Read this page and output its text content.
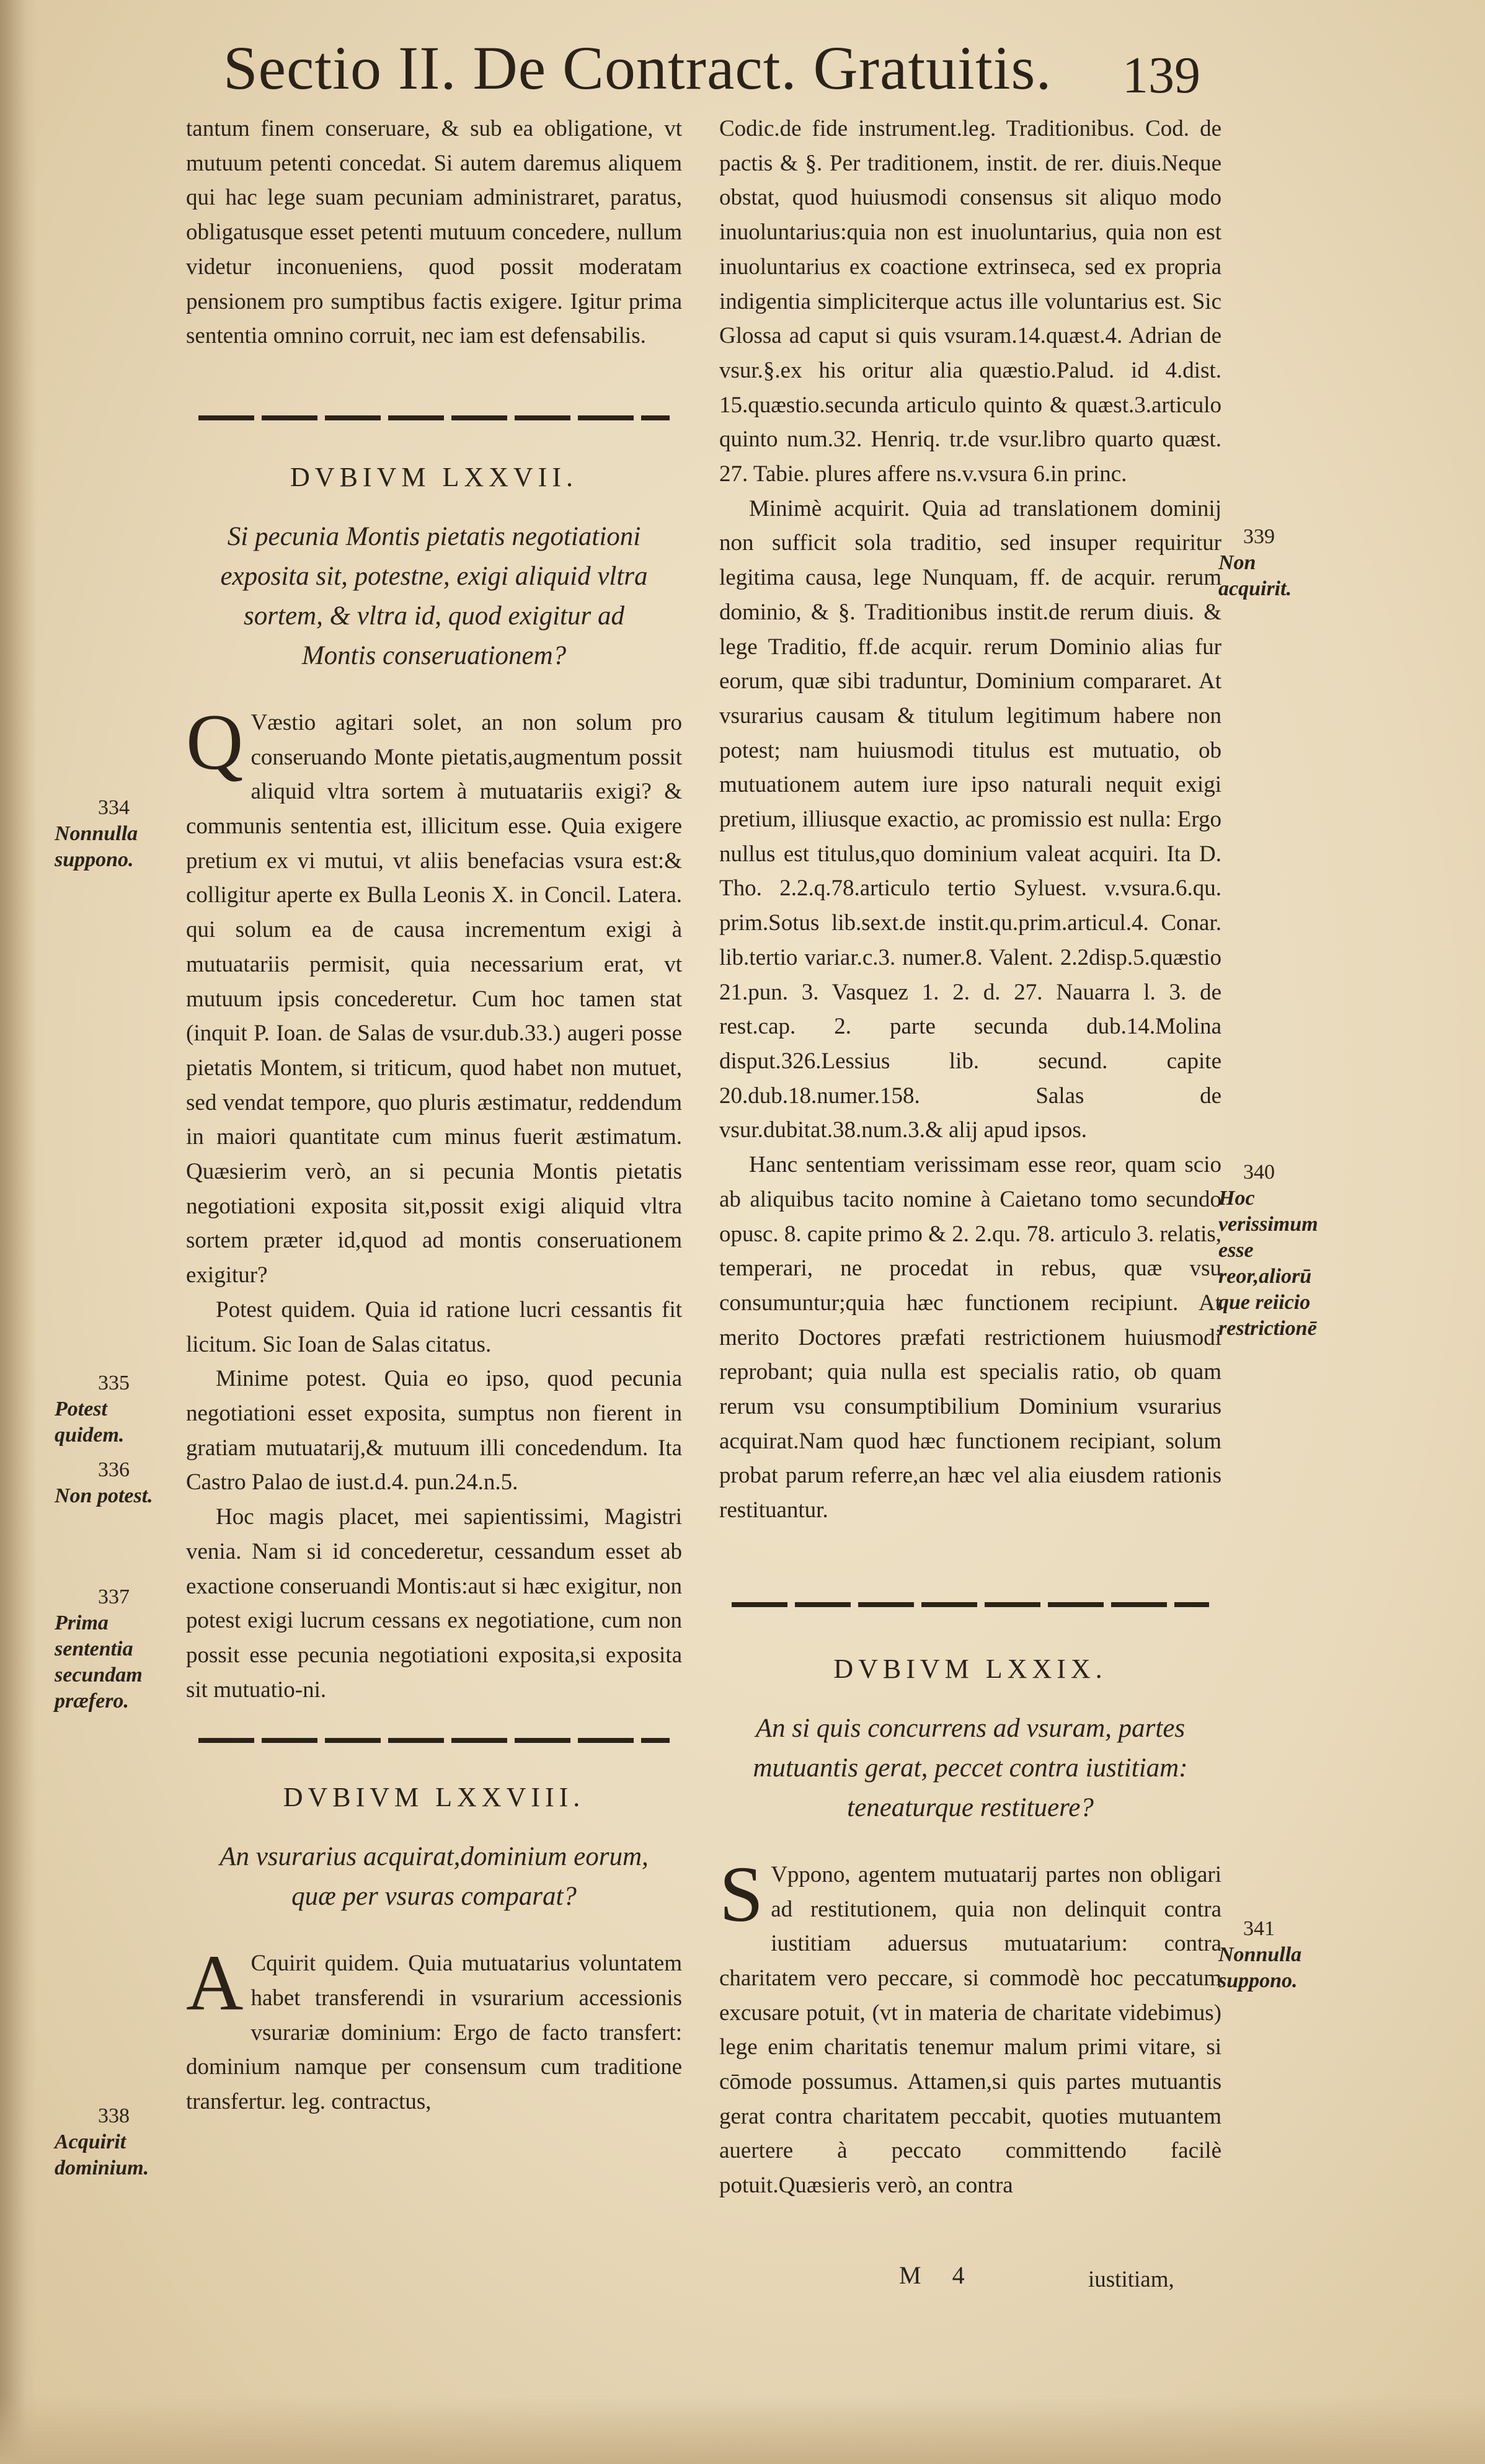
Sectio II. De Contract. Gratuitis.	139

tantum finem conseruare, & sub ea obligatione, vt mutuum petenti concedat. Si autem daremus aliquem qui hac lege suam pecuniam administraret, paratus, obligatusque esset petenti mutuum concedere, nullum videtur inconueniens, quod possit moderatam pensionem pro sumptibus factis exigere. Igitur prima sententia omnino corruit, nec iam est defensabilis.

DVBIVM LXXVII.
Si pecunia Montis pietatis negotiationi exposita sit, potestne, exigi aliquid vltra sortem, & vltra id, quod exigitur ad Montis conseruationem?

Q Væstio agitari solet, an non solum pro conseruando Monte pietatis,augmentum possit aliquid vltra sortem à mutuatariis exigi? & communis sententia est, illicitum esse. Quia exigere pretium ex vi mutui, vt aliis benefacias vsura est:& colligitur aperte ex Bulla Leonis X. in Concil. Latera. qui solum ea de causa incrementum exigi à mutuatariis permisit, quia necessarium erat, vt mutuum ipsis concederetur. Cum hoc tamen stat (inquit P. Ioan. de Salas de vsur.dub.33.) augeri posse pietatis Montem, si triticum, quod habet non mutuet, sed vendat tempore, quo pluris æstimatur, reddendum in maiori quantitate cum minus fuerit æstimatum. Quæsierim verò, an si pecunia Montis pietatis negotiationi exposita sit,possit exigi aliquid vltra sortem præter id,quod ad montis conseruationem exigitur?

Potest quidem. Quia id ratione lucri cessantis fit licitum. Sic Ioan de Salas citatus.

Minime potest. Quia eo ipso, quod pecunia negotiationi esset exposita, sumptus non fierent in gratiam mutuatarij,& mutuum illi concedendum. Ita Castro Palao de iust.d.4. pun.24.n.5.

Hoc magis placet, mei sapientissimi, Magistri venia. Nam si id concederetur, cessandum esset ab exactione conseruandi Montis:aut si hæc exigitur, non potest exigi lucrum cessans ex negotiatione, cum non possit esse pecunia negotiationi exposita,si exposita sit mutuatio-ni.

DVBIVM LXXVIII.
An vsurarius acquirat,dominium eorum, quæ per vsuras comparat?

A Cquirit quidem. Quia mutuatarius voluntatem habet transferendi in vsurarium accessionis vsurariæ dominium: Ergo de facto transfert: dominium namque per consensum cum traditione transfertur. leg. contractus,

Codic.de fide instrument.leg. Traditionibus. Cod. de pactis & §. Per traditionem, instit. de rer. diuis.Neque obstat, quod huiusmodi consensus sit aliquo modo inuoluntarius:quia non est inuoluntarius, quia non est inuoluntarius ex coactione extrinseca, sed ex propria indigentia simpliciterque actus ille voluntarius est. Sic Glossa ad caput si quis vsuram.14.quæst.4. Adrian de vsur.§.ex his oritur alia quæstio.Palud. id 4.dist. 15.quæstio.secunda articulo quinto & quæst.3.articulo quinto num.32. Henriq. tr.de vsur.libro quarto quæst. 27. Tabie. plures affere ns.v.vsura 6.in princ.

Minimè acquirit. Quia ad translationem dominij non sufficit sola traditio, sed insuper requiritur legitima causa, lege Nunquam, ff. de acquir. rerum dominio, & §. Traditionibus instit.de rerum diuis. & lege Traditio, ff.de acquir. rerum Dominio alias fur eorum, quæ sibi traduntur, Dominium compararet. At vsurarius causam & titulum legitimum habere non potest; nam huiusmodi titulus est mutuatio, ob mutuationem autem iure ipso naturali nequit exigi pretium, illiusque exactio, ac promissio est nulla: Ergo nullus est titulus,quo dominium valeat acquiri. Ita D. Tho. 2.2.q.78.articulo tertio Syluest. v.vsura.6.qu. prim.Sotus lib.sext.de instit.qu.prim.articul.4. Conar. lib.tertio variar.c.3. numer.8. Valent. 2.2disp.5.quæstio 21.pun. 3. Vasquez 1. 2. d. 27. Nauarra l. 3. de rest.cap. 2. parte secunda dub.14.Molina disput.326.Lessius lib. secund. capite 20.dub.18.numer.158. Salas de vsur.dubitat.38.num.3.& alij apud ipsos.

Hanc sententiam verissimam esse reor, quam scio ab aliquibus tacito nomine à Caietano tomo secundo opusc. 8. capite primo & 2. 2.qu. 78. articulo 3. relatis, temperari, ne procedat in rebus, quæ vsu consumuntur;quia hæc functionem recipiunt. At merito Doctores præfati restrictionem huiusmodi reprobant; quia nulla est specialis ratio, ob quam rerum vsu consumptibilium Dominium vsurarius acquirat.Nam quod hæc functionem recipiant, solum probat parum referre,an hæc vel alia eiusdem rationis restituantur.

DVBIVM LXXIX.
An si quis concurrens ad vsuram, partes mutuantis gerat, peccet contra iustitiam: teneaturque restituere?

S Vppono, agentem mutuatarij partes non obligari ad restitutionem, quia non delinquit contra iustitiam aduersus mutuatarium: contra charitatem vero peccare, si commodè hoc peccatum excusare potuit, (vt in materia de charitate videbimus) lege enim charitatis tenemur malum primi vitare, si cōmode possumus. Attamen,si quis partes mutuantis gerat contra charitatem peccabit, quoties mutuantem auertere à peccato committendo facilè potuit.Quæsieris verò, an contra

334
Nonnulla suppono.
335
Potest quidem.
336
Non potest.
337
Prima sententia secundam præfero.
338
Acquirit dominium.
339
Non acquirit.
340
Hoc verissimum esse reor,aliorū que reiicio restrictionē
341
Nonnulla suppono.
M 4	iustitiam,
